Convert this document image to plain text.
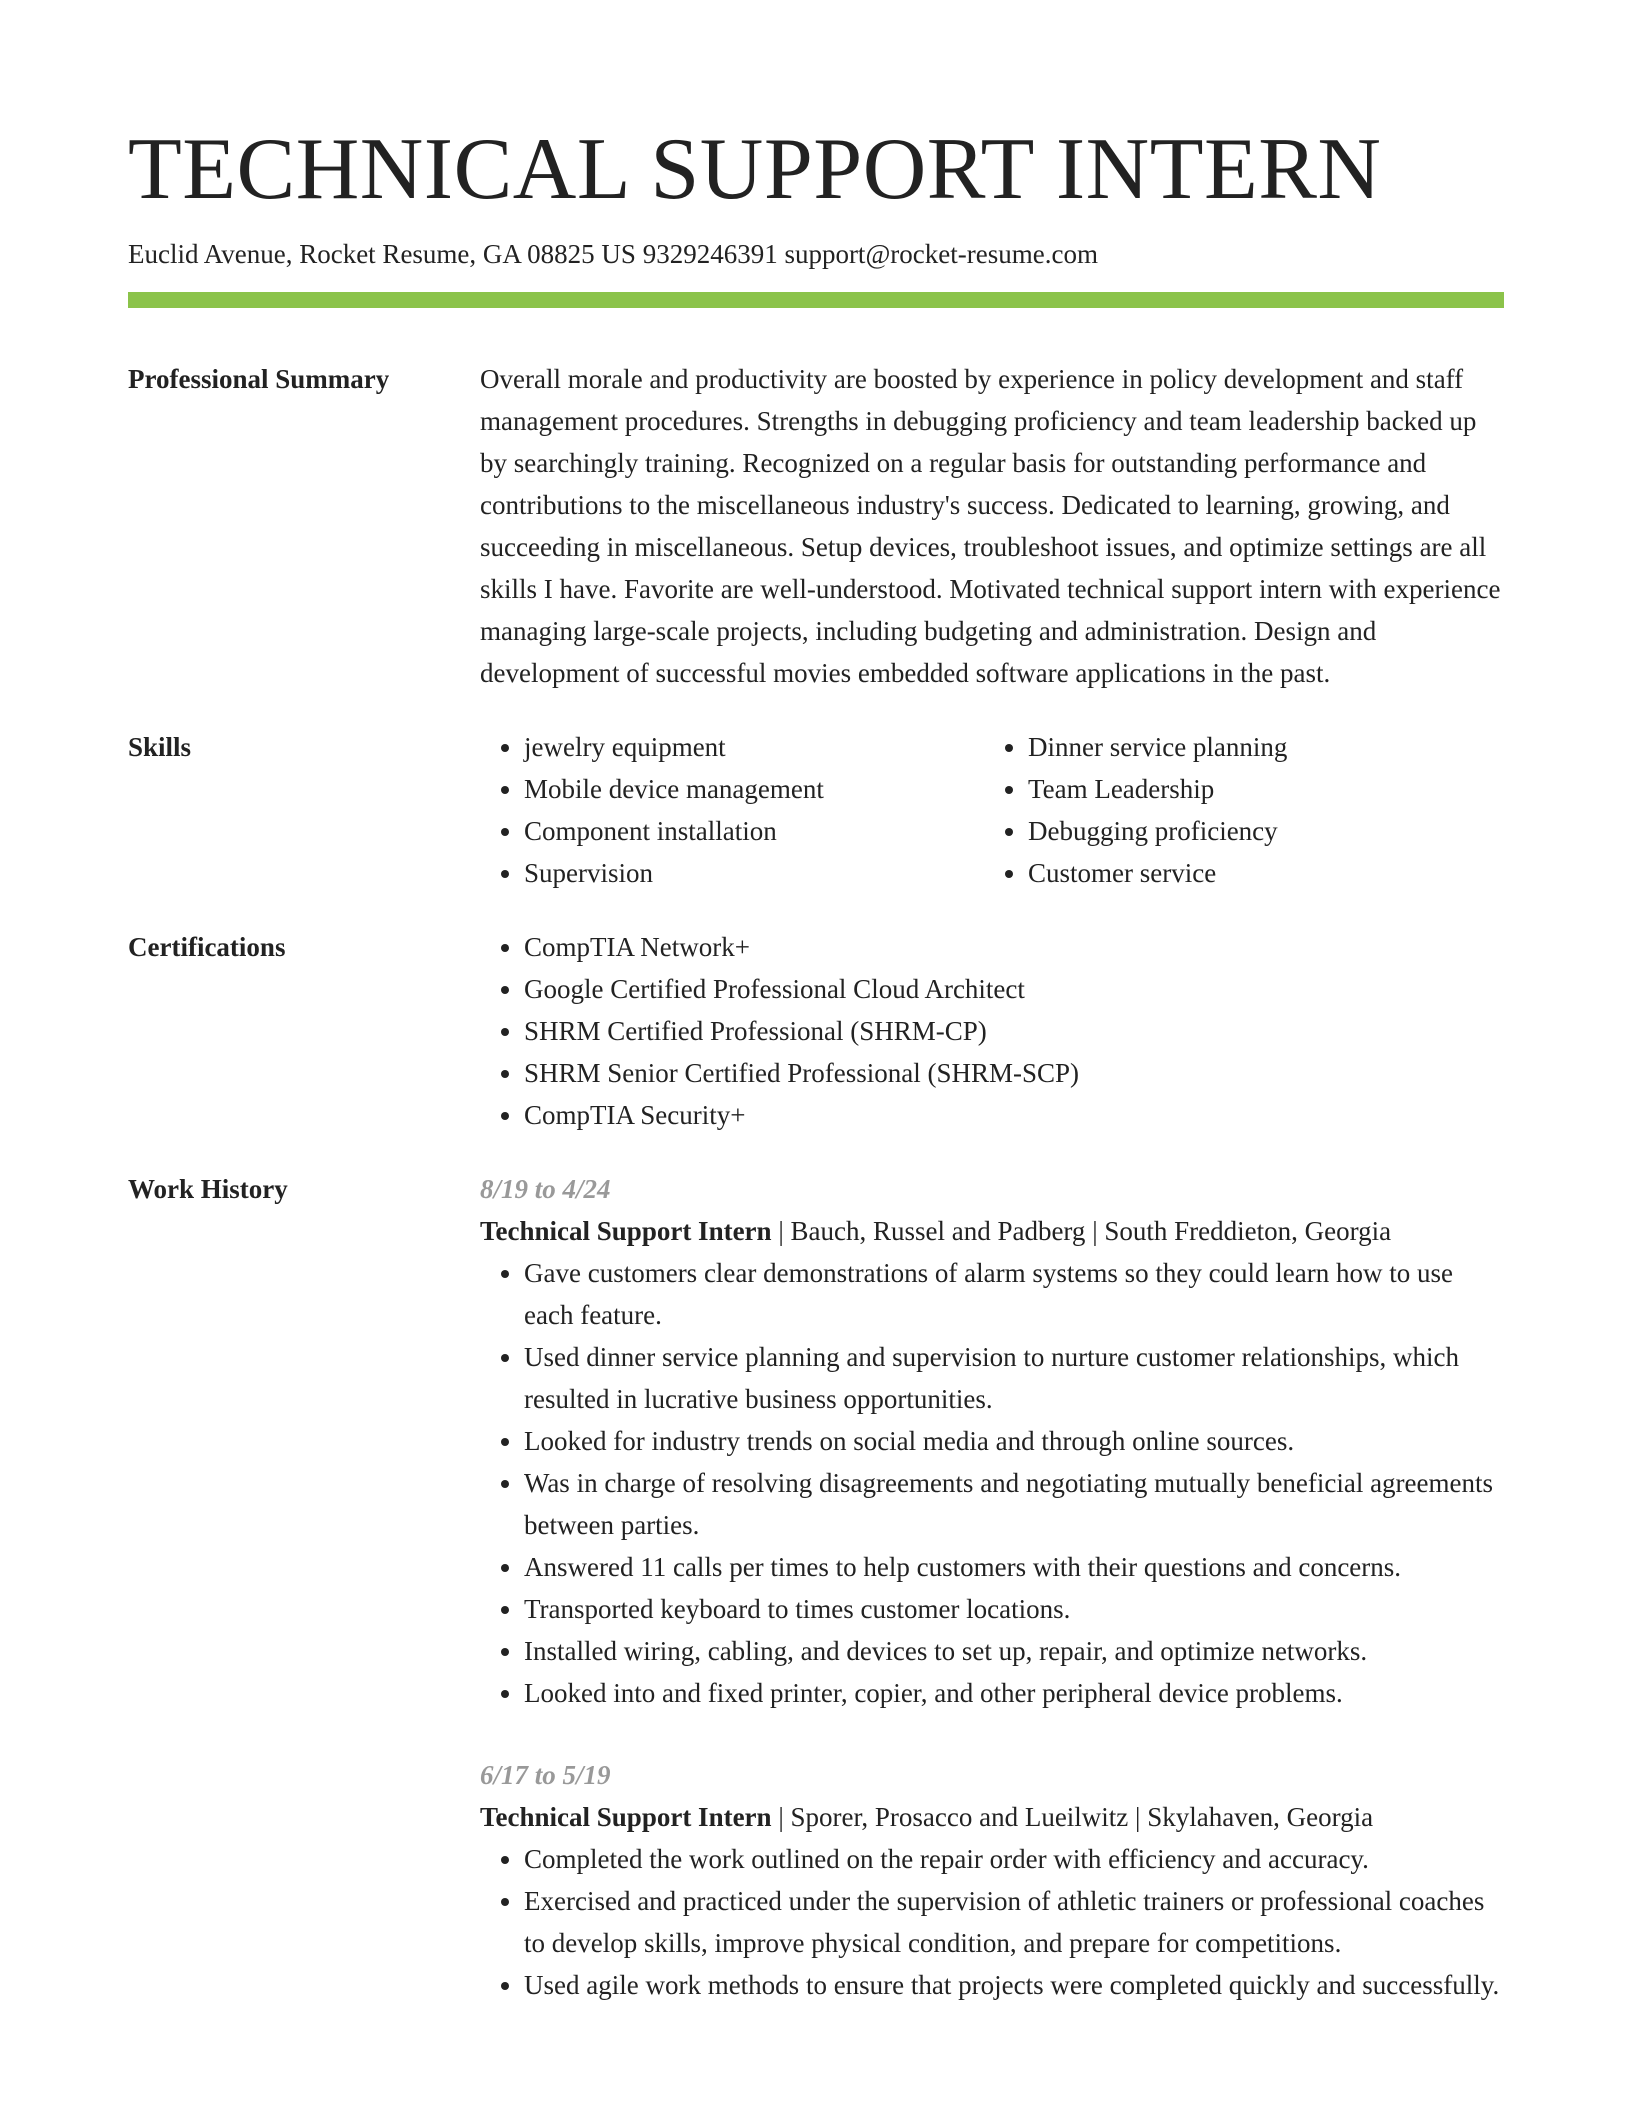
TECHNICAL SUPPORT INTERN
Euclid Avenue, Rocket Resume, GA 08825 US 9329246391 support@rocket-resume.com
Professional Summary	Overall morale and productivity are boosted by experience in policy development and staff management procedures. Strengths in debugging proficiency and team leadership backed up by searchingly training. Recognized on a regular basis for outstanding performance and contributions to the miscellaneous industry's success. Dedicated to learning, growing, and succeeding in miscellaneous. Setup devices, troubleshoot issues, and optimize settings are all skills I have. Favorite are well-understood. Motivated technical support intern with experience managing large-scale projects, including budgeting and administration. Design and development of successful movies embedded software applications in the past.

Skills	• jewelry equipment
• Mobile device management
• Component installation
• Supervision
• Dinner service planning
• Team Leadership
• Debugging proficiency
• Customer service
Certifications	• CompTIA Network+
• Google Certified Professional Cloud Architect
• SHRM Certified Professional (SHRM-CP)
• SHRM Senior Certified Professional (SHRM-SCP)
• CompTIA Security+
Work History	8/19 to 4/24
Technical Support Intern | Bauch, Russel and Padberg | South Freddieton, Georgia
• Gave customers clear demonstrations of alarm systems so they could learn how to use each feature.
• Used dinner service planning and supervision to nurture customer relationships, which resulted in lucrative business opportunities.
• Looked for industry trends on social media and through online sources.
• Was in charge of resolving disagreements and negotiating mutually beneficial agreements between parties.
• Answered 11 calls per times to help customers with their questions and concerns.
• Transported keyboard to times customer locations.
• Installed wiring, cabling, and devices to set up, repair, and optimize networks.
• Looked into and fixed printer, copier, and other peripheral device problems.
6/17 to 5/19
Technical Support Intern | Sporer, Prosacco and Lueilwitz | Skylahaven, Georgia
• Completed the work outlined on the repair order with efficiency and accuracy.
• Exercised and practiced under the supervision of athletic trainers or professional coaches to develop skills, improve physical condition, and prepare for competitions.
• Used agile work methods to ensure that projects were completed quickly and successfully.
